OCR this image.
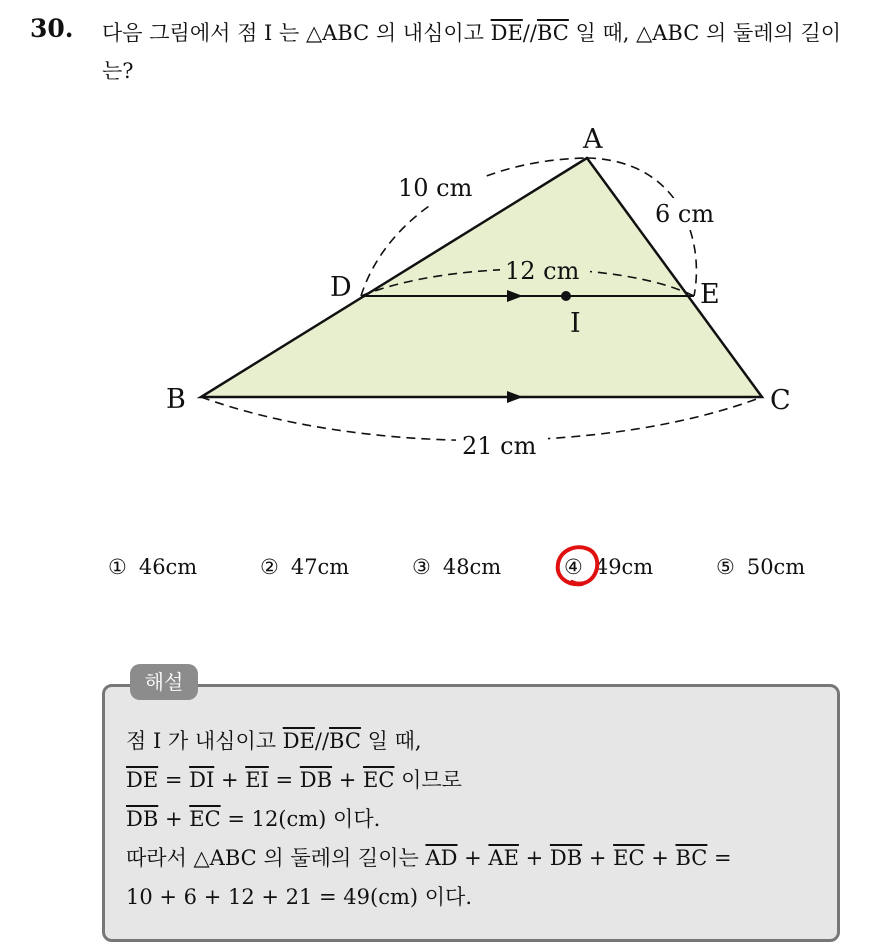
30. 다음 그림에서 점 I 는 △ABC 의 내심이고 $\overline{DE}//\overline{BC}$ 일 때, △ABC 의 둘레의 길이는?
A
B	C
D	E
I
10 cm
6 cm
12 cm
21 cm
① 46cm	② 47cm	③ 48cm	④ 49cm	⑤ 50cm
해설
점 I 가 내심이고 $\overline{DE}//\overline{BC}$ 일 때,
$\overline{DE} = \overline{DI} + \overline{EI} = \overline{DB} + \overline{EC}$ 이므로
$\overline{DB} + \overline{EC} = 12(cm)$ 이다.
따라서 △ABC 의 둘레의 길이는 $\overline{AD} + \overline{AE} + \overline{DB} + \overline{EC} + \overline{BC}$ =
10 + 6 + 12 + 21 = 49(cm) 이다.
